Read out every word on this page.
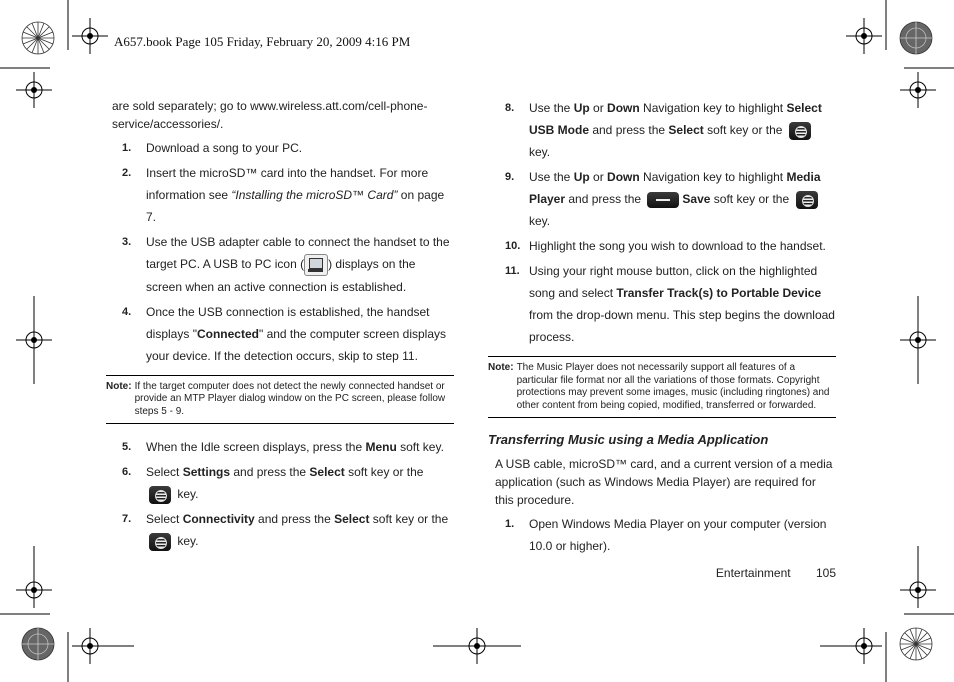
A657.book Page 105 Friday, February 20, 2009 4:16 PM

are sold separately; go to www.wireless.att.com/cell-phone-service/accessories/.

1. Download a song to your PC.
2. Insert the microSD™ card into the handset. For more information see “Installing the microSD™ Card” on page 7.
3. Use the USB adapter cable to connect the handset to the target PC. A USB to PC icon ( ) displays on the screen when an active connection is established.
4. Once the USB connection is established, the handset displays "Connected" and the computer screen displays your device. If the detection occurs, skip to step 11.
Note: If the target computer does not detect the newly connected handset or provide an MTP Player dialog window on the PC screen, please follow steps 5 - 9.
5. When the Idle screen displays, press the Menu soft key.
6. Select Settings and press the Select soft key or the
key.
7. Select Connectivity and press the Select soft key or the
key.
8. Use the Up or Down Navigation key to highlight Select USB Mode and press the Select soft key or the  key.
9. Use the Up or Down Navigation key to highlight Media Player and press the	Save soft key or the  key.
10. Highlight the song you wish to download to the handset.
11. Using your right mouse button, click on the highlighted song and select Transfer Track(s) to Portable Device from the drop-down menu. This step begins the download process.
Note: The Music Player does not necessarily support all features of a particular file format nor all the variations of those formats. Copyright protections may prevent some images, music (including ringtones) and other content from being copied, modified, transferred or forwarded.
Transferring Music using a Media Application

A USB cable, microSD™ card, and a current version of a media application (such as Windows Media Player) are required for this procedure.

1. Open Windows Media Player on your computer (version 10.0 or higher).
Entertainment 105
